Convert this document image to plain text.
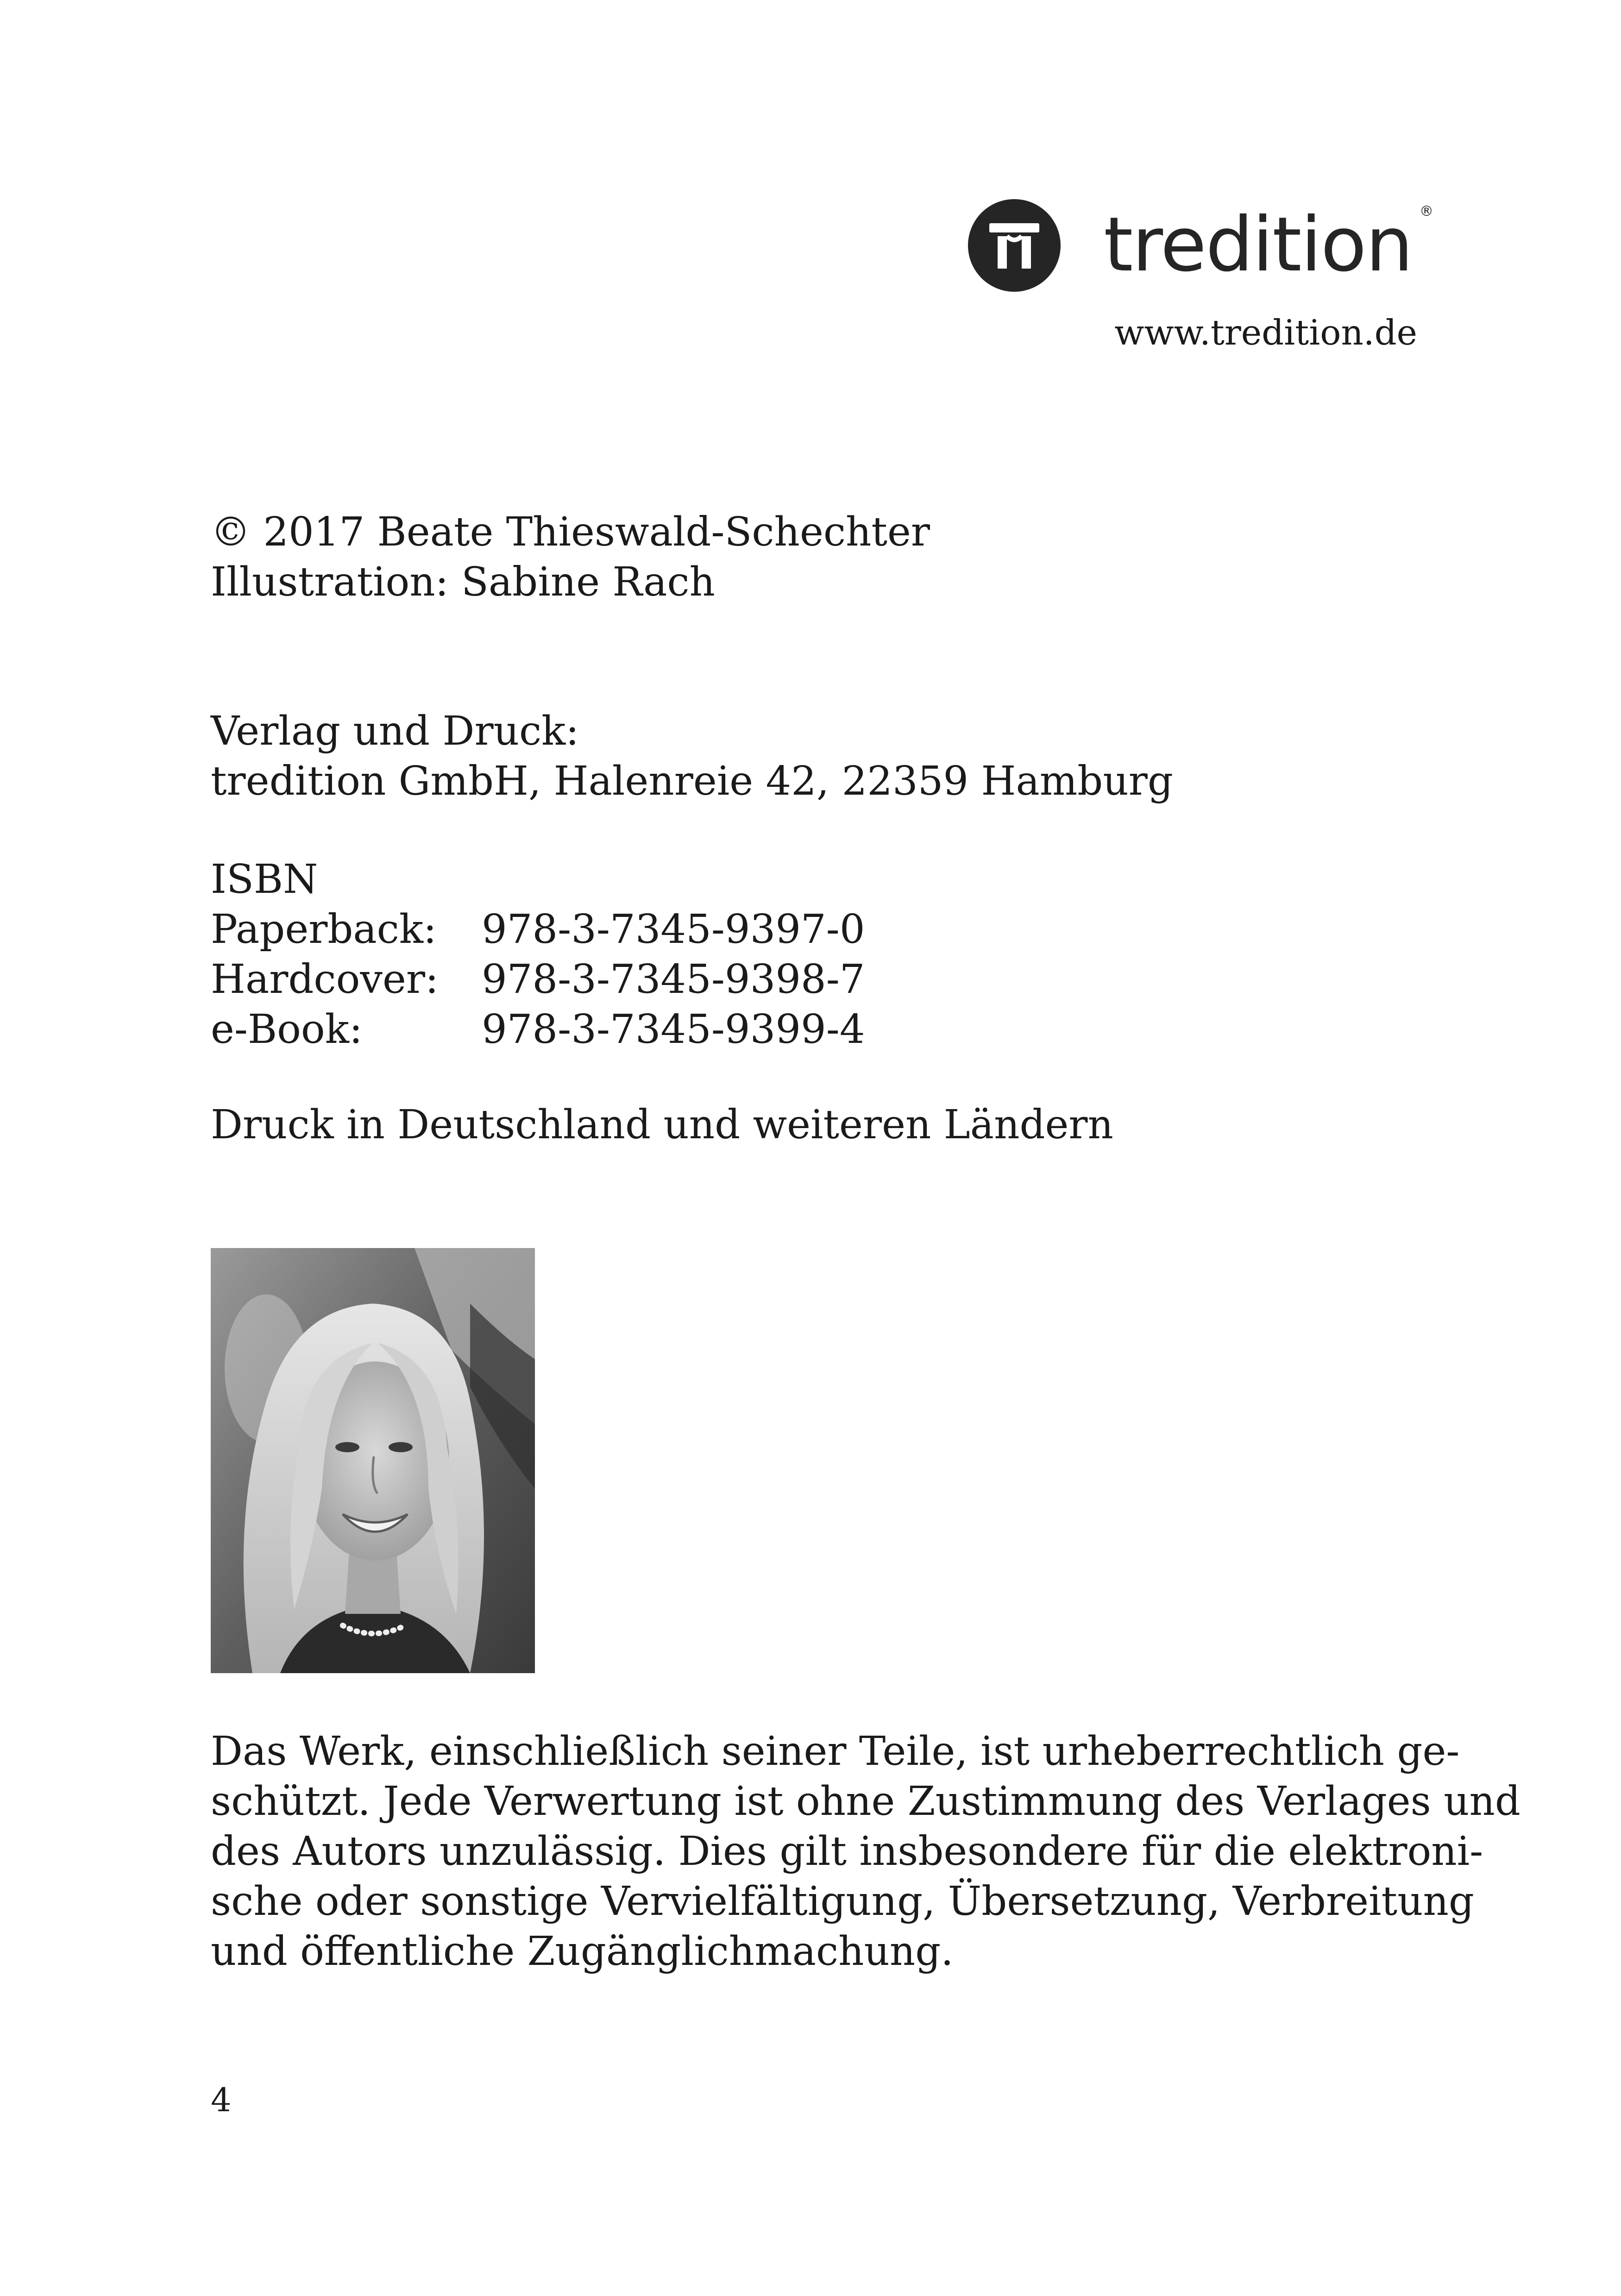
tredition ®
www.tredition.de
© 2017 Beate Thieswald-Schechter
Illustration: Sabine Rach
Verlag und Druck:
tredition GmbH, Halenreie 42, 22359 Hamburg
ISBN
Paperback: 978-3-7345-9397-0
Hardcover: 978-3-7345-9398-7
e-Book:	978-3-7345-9399-4
Druck in Deutschland und weiteren Ländern
Das Werk, einschließlich seiner Teile, ist urheberrechtlich ge-
schützt. Jede Verwertung ist ohne Zustimmung des Verlages und
des Autors unzulässig. Dies gilt insbesondere für die elektroni-
sche oder sonstige Vervielfältigung, Übersetzung, Verbreitung
und öffentliche Zugänglichmachung.
4
